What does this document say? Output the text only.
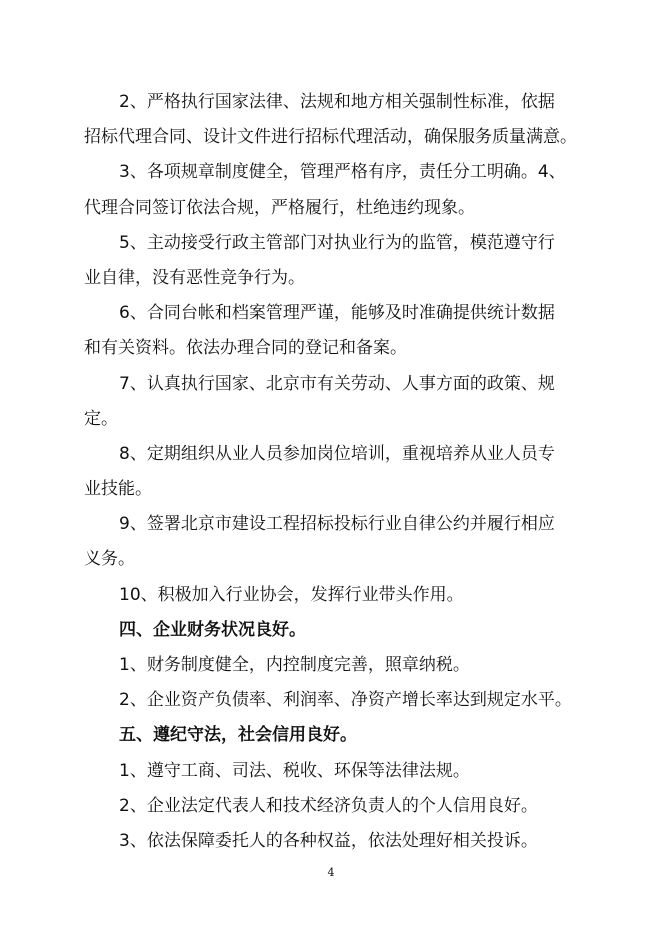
2、严格执行国家法律、法规和地方相关强制性标准，依据
招标代理合同、设计文件进行招标代理活动，确保服务质量满意。
3、各项规章制度健全，管理严格有序，责任分工明确。4、
代理合同签订依法合规，严格履行，杜绝违约现象。
5、主动接受行政主管部门对执业行为的监管，模范遵守行
业自律，没有恶性竞争行为。
6、合同台帐和档案管理严谨，能够及时准确提供统计数据
和有关资料。依法办理合同的登记和备案。
7、认真执行国家、北京市有关劳动、人事方面的政策、规
定。
8、定期组织从业人员参加岗位培训，重视培养从业人员专
业技能。
9、签署北京市建设工程招标投标行业自律公约并履行相应
义务。
10、积极加入行业协会，发挥行业带头作用。
四、企业财务状况良好。
1、财务制度健全，内控制度完善，照章纳税。
2、企业资产负债率、利润率、净资产增长率达到规定水平。
五、遵纪守法，社会信用良好。
1、遵守工商、司法、税收、环保等法律法规。
2、企业法定代表人和技术经济负责人的个人信用良好。
3、依法保障委托人的各种权益，依法处理好相关投诉。
4
